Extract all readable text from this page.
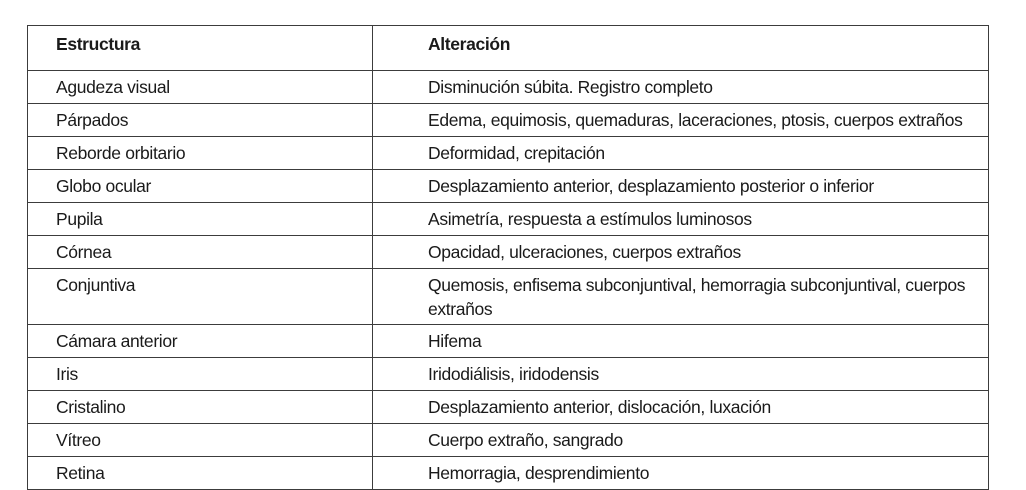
Estructura	Alteración
Agudeza visual	Disminución súbita. Registro completo
Párpados	Edema, equimosis, quemaduras, laceraciones, ptosis, cuerpos extraños
Reborde orbitario	Deformidad, crepitación
Globo ocular	Desplazamiento anterior, desplazamiento posterior o inferior
Pupila	Asimetría, respuesta a estímulos luminosos
Córnea	Opacidad, ulceraciones, cuerpos extraños
Conjuntiva	Quemosis, enfisema subconjuntival, hemorragia subconjuntival, cuerpos extraños
Cámara anterior	Hifema
Iris	Iridodiálisis, iridodensis
Cristalino	Desplazamiento anterior, dislocación, luxación
Vítreo	Cuerpo extraño, sangrado
Retina	Hemorragia, desprendimiento
